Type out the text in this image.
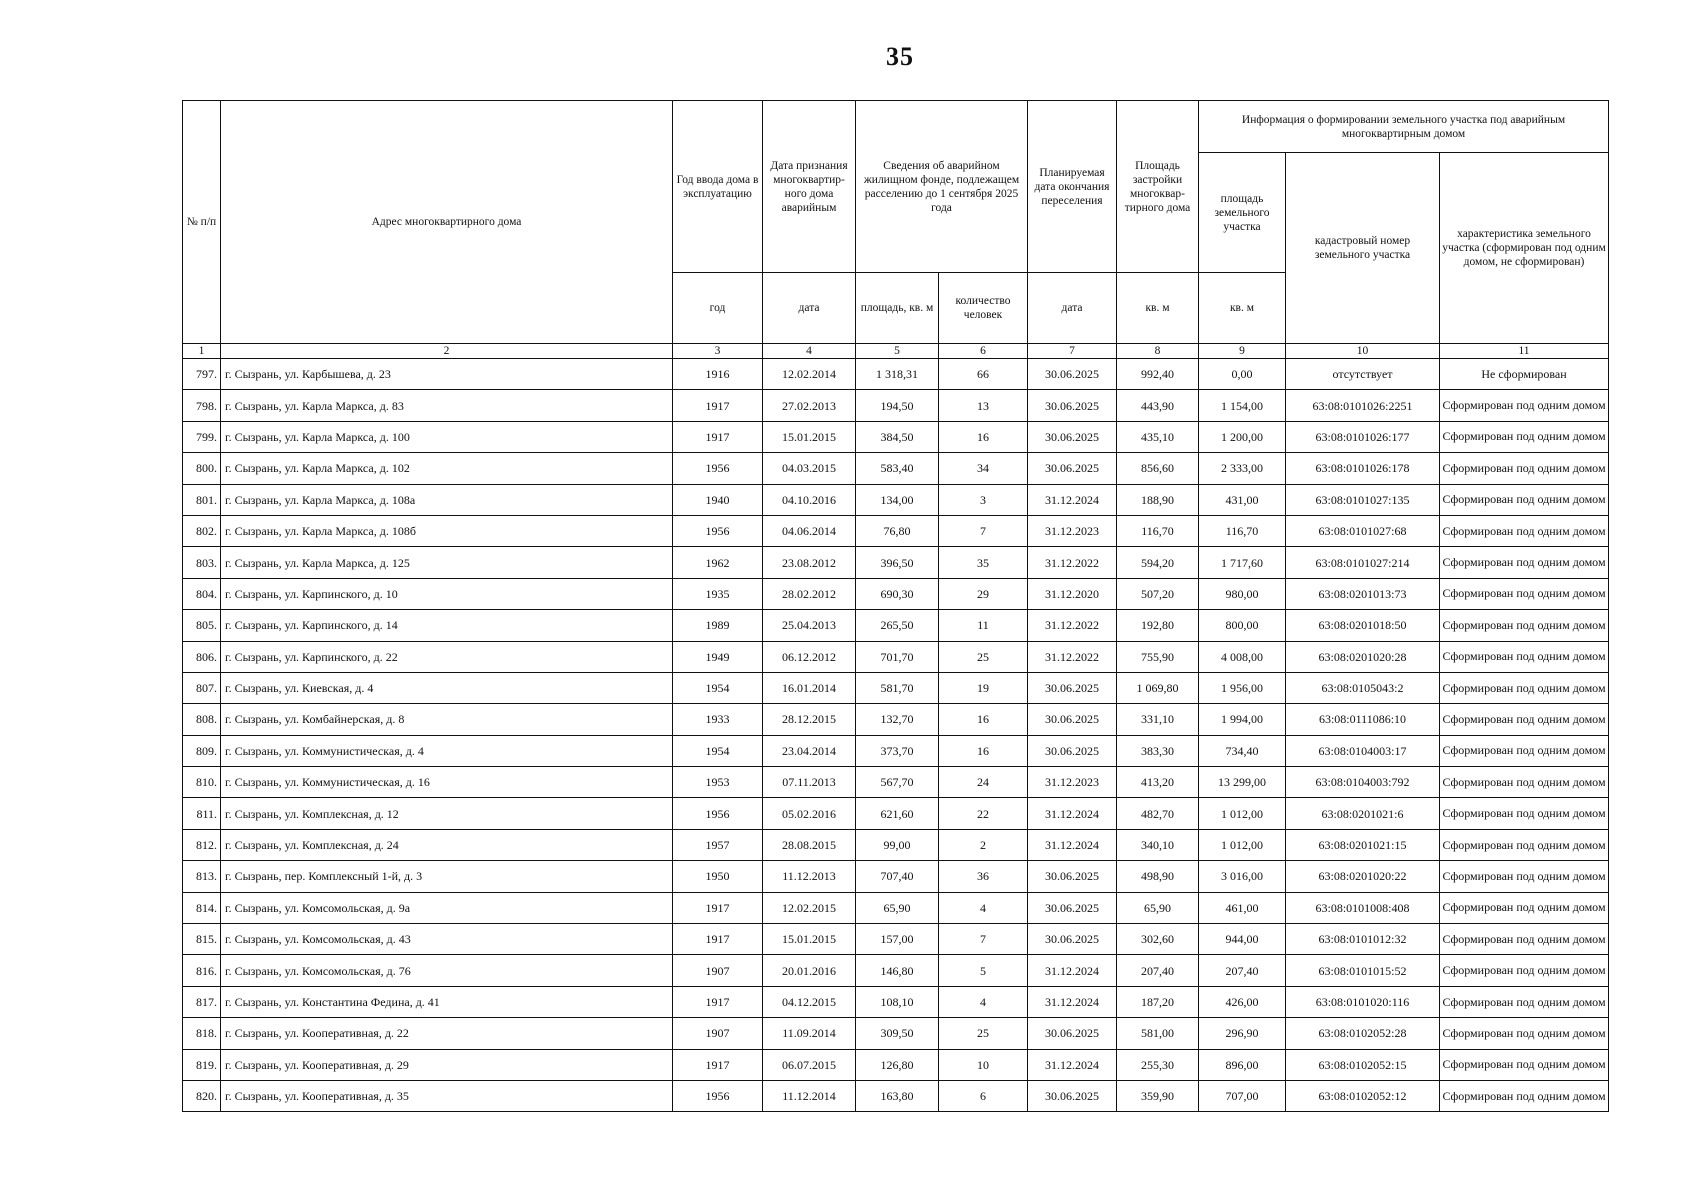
35
№ п/п	Адрес многоквартирного дома	Год ввода дома в эксплуатацию	Дата признания многоквартир-ного дома аварийным	Сведения об аварийном жилищном фонде, подлежащем расселению до 1 сентября 2025 года		Планируемая дата окончания переселения	Площадь застройки многоквар-тирного дома	Информация о формировании земельного участка под аварийным многоквартирным домом		
								площадь земельного участка	кадастровый номер земельного участка	характеристика земельного участка (сформирован под одним домом, не сформирован)
		год	дата	площадь, кв. м	количество человек	дата	кв. м	кв. м		
1	2	3	4	5	6	7	8	9	10	11
797.	г. Сызрань, ул. Карбышева, д. 23	1916	12.02.2014	1 318,31	66	30.06.2025	992,40	0,00	отсутствует	Не сформирован
798.	г. Сызрань, ул. Карла Маркса, д. 83	1917	27.02.2013	194,50	13	30.06.2025	443,90	1 154,00	63:08:0101026:2251	Сформирован под одним домом
799.	г. Сызрань, ул. Карла Маркса, д. 100	1917	15.01.2015	384,50	16	30.06.2025	435,10	1 200,00	63:08:0101026:177	Сформирован под одним домом
800.	г. Сызрань, ул. Карла Маркса, д. 102	1956	04.03.2015	583,40	34	30.06.2025	856,60	2 333,00	63:08:0101026:178	Сформирован под одним домом
801.	г. Сызрань, ул. Карла Маркса, д. 108а	1940	04.10.2016	134,00	3	31.12.2024	188,90	431,00	63:08:0101027:135	Сформирован под одним домом
802.	г. Сызрань, ул. Карла Маркса, д. 108б	1956	04.06.2014	76,80	7	31.12.2023	116,70	116,70	63:08:0101027:68	Сформирован под одним домом
803.	г. Сызрань, ул. Карла Маркса, д. 125	1962	23.08.2012	396,50	35	31.12.2022	594,20	1 717,60	63:08:0101027:214	Сформирован под одним домом
804.	г. Сызрань, ул. Карпинского, д. 10	1935	28.02.2012	690,30	29	31.12.2020	507,20	980,00	63:08:0201013:73	Сформирован под одним домом
805.	г. Сызрань, ул. Карпинского, д. 14	1989	25.04.2013	265,50	11	31.12.2022	192,80	800,00	63:08:0201018:50	Сформирован под одним домом
806.	г. Сызрань, ул. Карпинского, д. 22	1949	06.12.2012	701,70	25	31.12.2022	755,90	4 008,00	63:08:0201020:28	Сформирован под одним домом
807.	г. Сызрань, ул. Киевская, д. 4	1954	16.01.2014	581,70	19	30.06.2025	1 069,80	1 956,00	63:08:0105043:2	Сформирован под одним домом
808.	г. Сызрань, ул. Комбайнерская, д. 8	1933	28.12.2015	132,70	16	30.06.2025	331,10	1 994,00	63:08:0111086:10	Сформирован под одним домом
809.	г. Сызрань, ул. Коммунистическая, д. 4	1954	23.04.2014	373,70	16	30.06.2025	383,30	734,40	63:08:0104003:17	Сформирован под одним домом
810.	г. Сызрань, ул. Коммунистическая, д. 16	1953	07.11.2013	567,70	24	31.12.2023	413,20	13 299,00	63:08:0104003:792	Сформирован под одним домом
811.	г. Сызрань, ул. Комплексная, д. 12	1956	05.02.2016	621,60	22	31.12.2024	482,70	1 012,00	63:08:0201021:6	Сформирован под одним домом
812.	г. Сызрань, ул. Комплексная, д. 24	1957	28.08.2015	99,00	2	31.12.2024	340,10	1 012,00	63:08:0201021:15	Сформирован под одним домом
813.	г. Сызрань, пер. Комплексный 1-й, д. 3	1950	11.12.2013	707,40	36	30.06.2025	498,90	3 016,00	63:08:0201020:22	Сформирован под одним домом
814.	г. Сызрань, ул. Комсомольская, д. 9а	1917	12.02.2015	65,90	4	30.06.2025	65,90	461,00	63:08:0101008:408	Сформирован под одним домом
815.	г. Сызрань, ул. Комсомольская, д. 43	1917	15.01.2015	157,00	7	30.06.2025	302,60	944,00	63:08:0101012:32	Сформирован под одним домом
816.	г. Сызрань, ул. Комсомольская, д. 76	1907	20.01.2016	146,80	5	31.12.2024	207,40	207,40	63:08:0101015:52	Сформирован под одним домом
817.	г. Сызрань, ул. Константина Федина, д. 41	1917	04.12.2015	108,10	4	31.12.2024	187,20	426,00	63:08:0101020:116	Сформирован под одним домом
818.	г. Сызрань, ул. Кооперативная, д. 22	1907	11.09.2014	309,50	25	30.06.2025	581,00	296,90	63:08:0102052:28	Сформирован под одним домом
819.	г. Сызрань, ул. Кооперативная, д. 29	1917	06.07.2015	126,80	10	31.12.2024	255,30	896,00	63:08:0102052:15	Сформирован под одним домом
820.	г. Сызрань, ул. Кооперативная, д. 35	1956	11.12.2014	163,80	6	30.06.2025	359,90	707,00	63:08:0102052:12	Сформирован под одним домом
